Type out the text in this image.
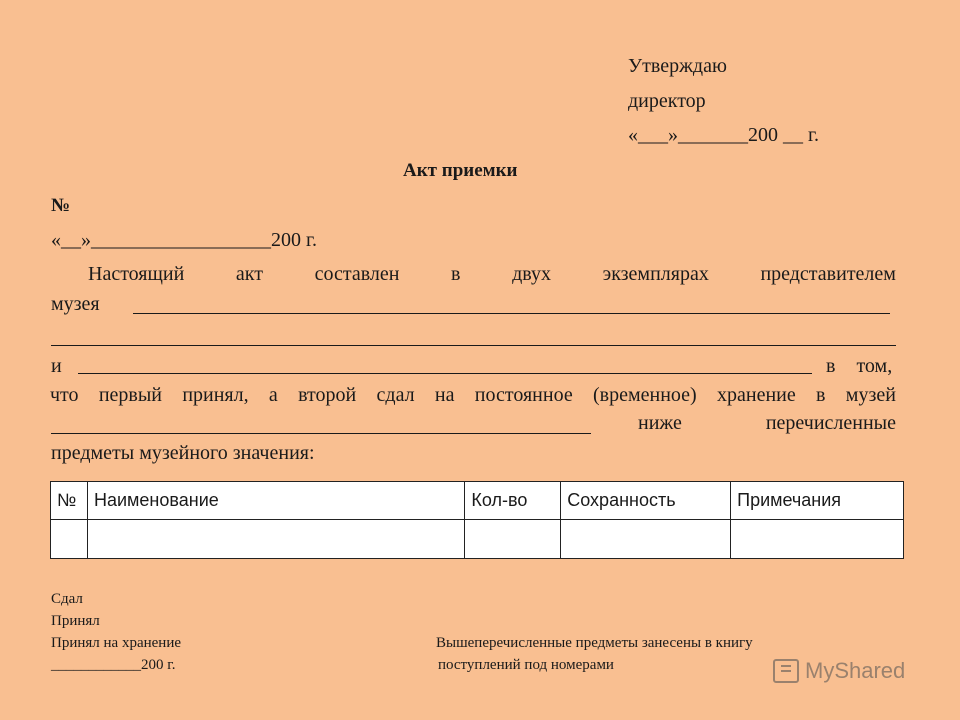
Утверждаю
директор
«___»_______200 __ г.
Акт приемки
№
«__»__________________200 г.
Настоящий	акт	составлен	в	двух	экземплярах	представителем
музея
и	в том,
что первый принял, а второй сдал на постоянное (временное) хранение в музей
ниже	перечисленные
предметы музейного значения:
№	Наименование	Кол-во	Сохранность	Примечания

Сдал
Принял
Принял на хранение
____________200 г.
Вышеперечисленные предметы занесены в книгу
поступлений под номерами	MyShared
